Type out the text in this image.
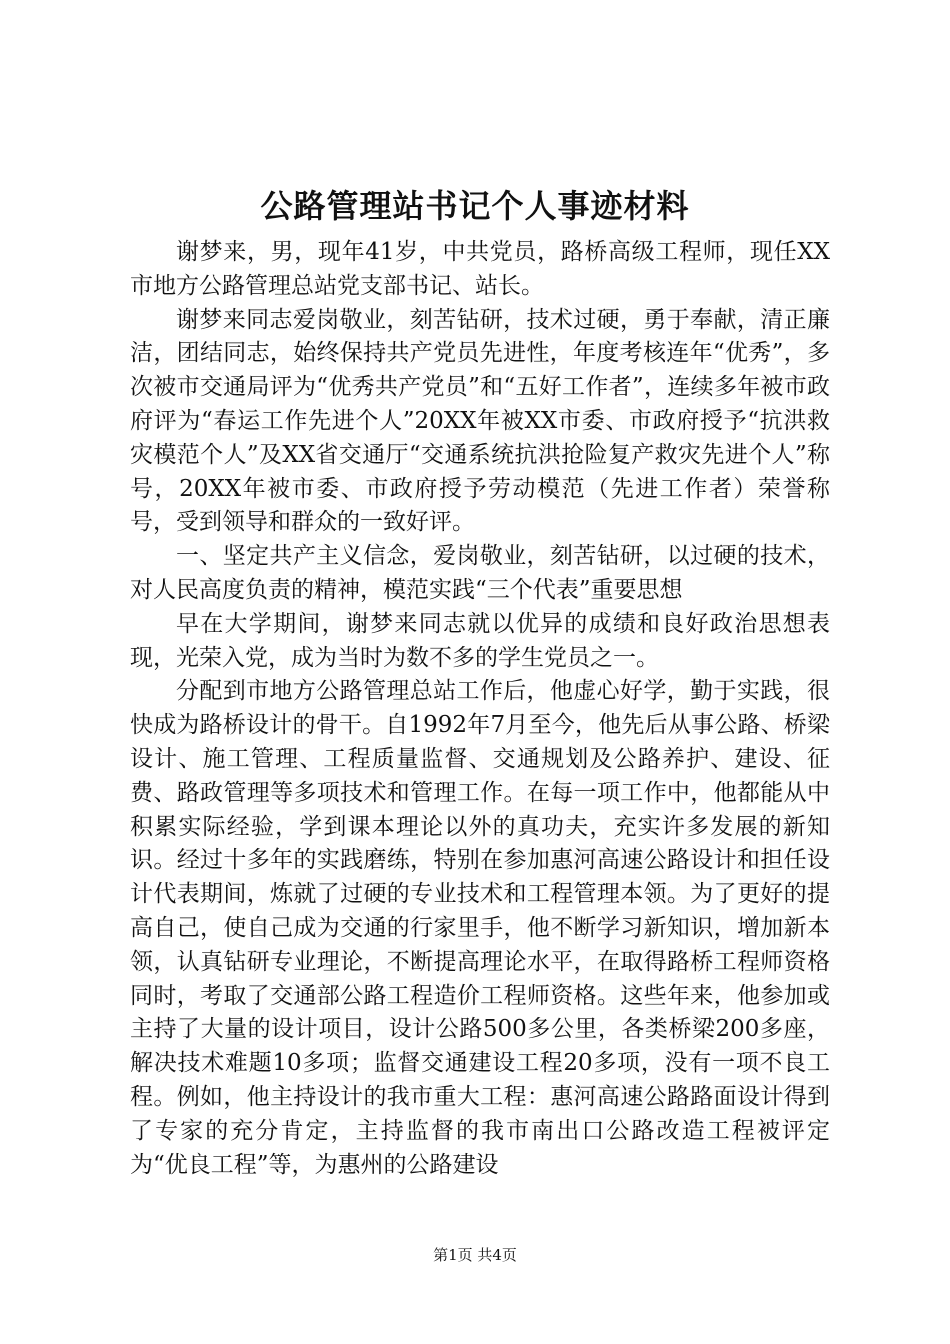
公路管理站书记个人事迹材料

谢梦来，男，现年41岁，中共党员，路桥高级工程师，现任XX市地方公路管理总站党支部书记、站长。

谢梦来同志爱岗敬业，刻苦钻研，技术过硬，勇于奉献，清正廉洁，团结同志，始终保持共产党员先进性，年度考核连年“优秀”，多次被市交通局评为“优秀共产党员”和“五好工作者”，连续多年被市政府评为“春运工作先进个人”20XX年被XX市委、市政府授予“抗洪救灾模范个人”及XX省交通厅“交通系统抗洪抢险复产救灾先进个人”称号，20XX年被市委、市政府授予劳动模范（先进工作者）荣誉称号，受到领导和群众的一致好评。

一、坚定共产主义信念，爱岗敬业，刻苦钻研，以过硬的技术，对人民高度负责的精神，模范实践“三个代表”重要思想

早在大学期间，谢梦来同志就以优异的成绩和良好政治思想表现，光荣入党，成为当时为数不多的学生党员之一。

分配到市地方公路管理总站工作后，他虚心好学，勤于实践，很快成为路桥设计的骨干。自1992年7月至今，他先后从事公路、桥梁设计、施工管理、工程质量监督、交通规划及公路养护、建设、征费、路政管理等多项技术和管理工作。在每一项工作中，他都能从中积累实际经验，学到课本理论以外的真功夫，充实许多发展的新知识。经过十多年的实践磨练，特别在参加惠河高速公路设计和担任设计代表期间，炼就了过硬的专业技术和工程管理本领。为了更好的提高自己，使自己成为交通的行家里手，他不断学习新知识，增加新本领，认真钻研专业理论，不断提高理论水平，在取得路桥工程师资格同时，考取了交通部公路工程造价工程师资格。这些年来，他参加或主持了大量的设计项目，设计公路500多公里，各类桥梁200多座，解决技术难题10多项；监督交通建设工程20多项，没有一项不良工程。例如，他主持设计的我市重大工程：惠河高速公路路面设计得到了专家的充分肯定，主持监督的我市南出口公路改造工程被评定为“优良工程”等，为惠州的公路建设

第1页 共4页
